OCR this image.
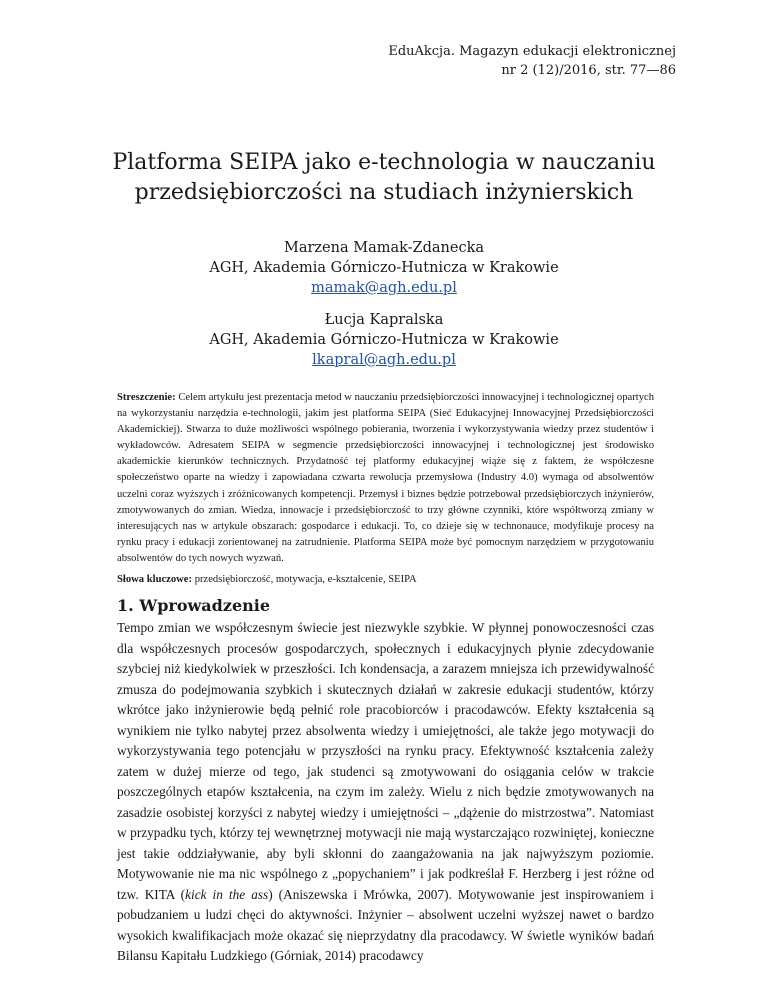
EduAkcja. Magazyn edukacji elektronicznej
nr 2 (12)/2016, str. 77—86
Platforma SEIPA jako e-technologia w nauczaniu
przedsiębiorczości na studiach inżynierskich
Marzena Mamak-Zdanecka
AGH, Akademia Górniczo-Hutnicza w Krakowie
mamak@agh.edu.pl
Łucja Kapralska
AGH, Akademia Górniczo-Hutnicza w Krakowie
lkapral@agh.edu.pl
Streszczenie: Celem artykułu jest prezentacja metod w nauczaniu przedsiębiorczości innowacyjnej i technologicznej opartych na wykorzystaniu narzędzia e-technologii, jakim jest platforma SEIPA (Sieć Edukacyjnej Innowacyjnej Przedsiębiorczości Akademickiej). Stwarza to duże możliwości wspólnego pobierania, tworzenia i wykorzystywania wiedzy przez studentów i wykładowców. Adresatem SEIPA w segmencie przedsiębiorczości innowacyjnej i technologicznej jest środowisko akademickie kierunków technicznych. Przydatność tej platformy edukacyjnej wiąże się z faktem, że współczesne społeczeństwo oparte na wiedzy i zapowiadana czwarta rewolucja przemysłowa (Industry 4.0) wymaga od absolwentów uczelni coraz wyższych i zróżnicowanych kompetencji. Przemysł i biznes będzie potrzebował przedsiębiorczych inżynierów, zmotywowanych do zmian. Wiedza, innowacje i przedsiębiorczość to trzy główne czynniki, które współtworzą zmiany w interesujących nas w artykule obszarach: gospodarce i edukacji. To, co dzieje się w technonauce, modyfikuje procesy na rynku pracy i edukacji zorientowanej na zatrudnienie. Platforma SEIPA może być pomocnym narzędziem w przygotowaniu absolwentów do tych nowych wyzwań.
Słowa kluczowe: przedsiębiorczość, motywacja, e-kształcenie, SEIPA
1. Wprowadzenie

Tempo zmian we współczesnym świecie jest niezwykle szybkie. W płynnej ponowoczesności czas dla współczesnych procesów gospodarczych, społecznych i edukacyjnych płynie zdecydowanie szybciej niż kiedykolwiek w przeszłości. Ich kondensacja, a zarazem mniejsza ich przewidywalność zmusza do podejmowania szybkich i skutecznych działań w zakresie edukacji studentów, którzy wkrótce jako inżynierowie będą pełnić role pracobiorców i pracodawców. Efekty kształcenia są wynikiem nie tylko nabytej przez absolwenta wiedzy i umiejętności, ale także jego motywacji do wykorzystywania tego potencjału w przyszłości na rynku pracy. Efektywność kształcenia zależy zatem w dużej mierze od tego, jak studenci są zmotywowani do osiągania celów w trakcie poszczególnych etapów kształcenia, na czym im zależy. Wielu z nich będzie zmotywowanych na zasadzie osobistej korzyści z nabytej wiedzy i umiejętności – „dążenie do mistrzostwa”. Natomiast w przypadku tych, którzy tej wewnętrznej motywacji nie mają wystarczająco rozwiniętej, konieczne jest takie oddziaływanie, aby byli skłonni do zaangażowania na jak najwyższym poziomie. Motywowanie nie ma nic wspólnego z „popychaniem” i jak podkreślał F. Herzberg i jest różne od tzw. KITA (kick in the ass) (Aniszewska i Mrówka, 2007). Motywowanie jest inspirowaniem i pobudzaniem u ludzi chęci do aktywności. Inżynier – absolwent uczelni wyższej nawet o bardzo wysokich kwalifikacjach może okazać się nieprzydatny dla pracodawcy. W świetle wyników badań Bilansu Kapitału Ludzkiego (Górniak, 2014) pracodawcy
